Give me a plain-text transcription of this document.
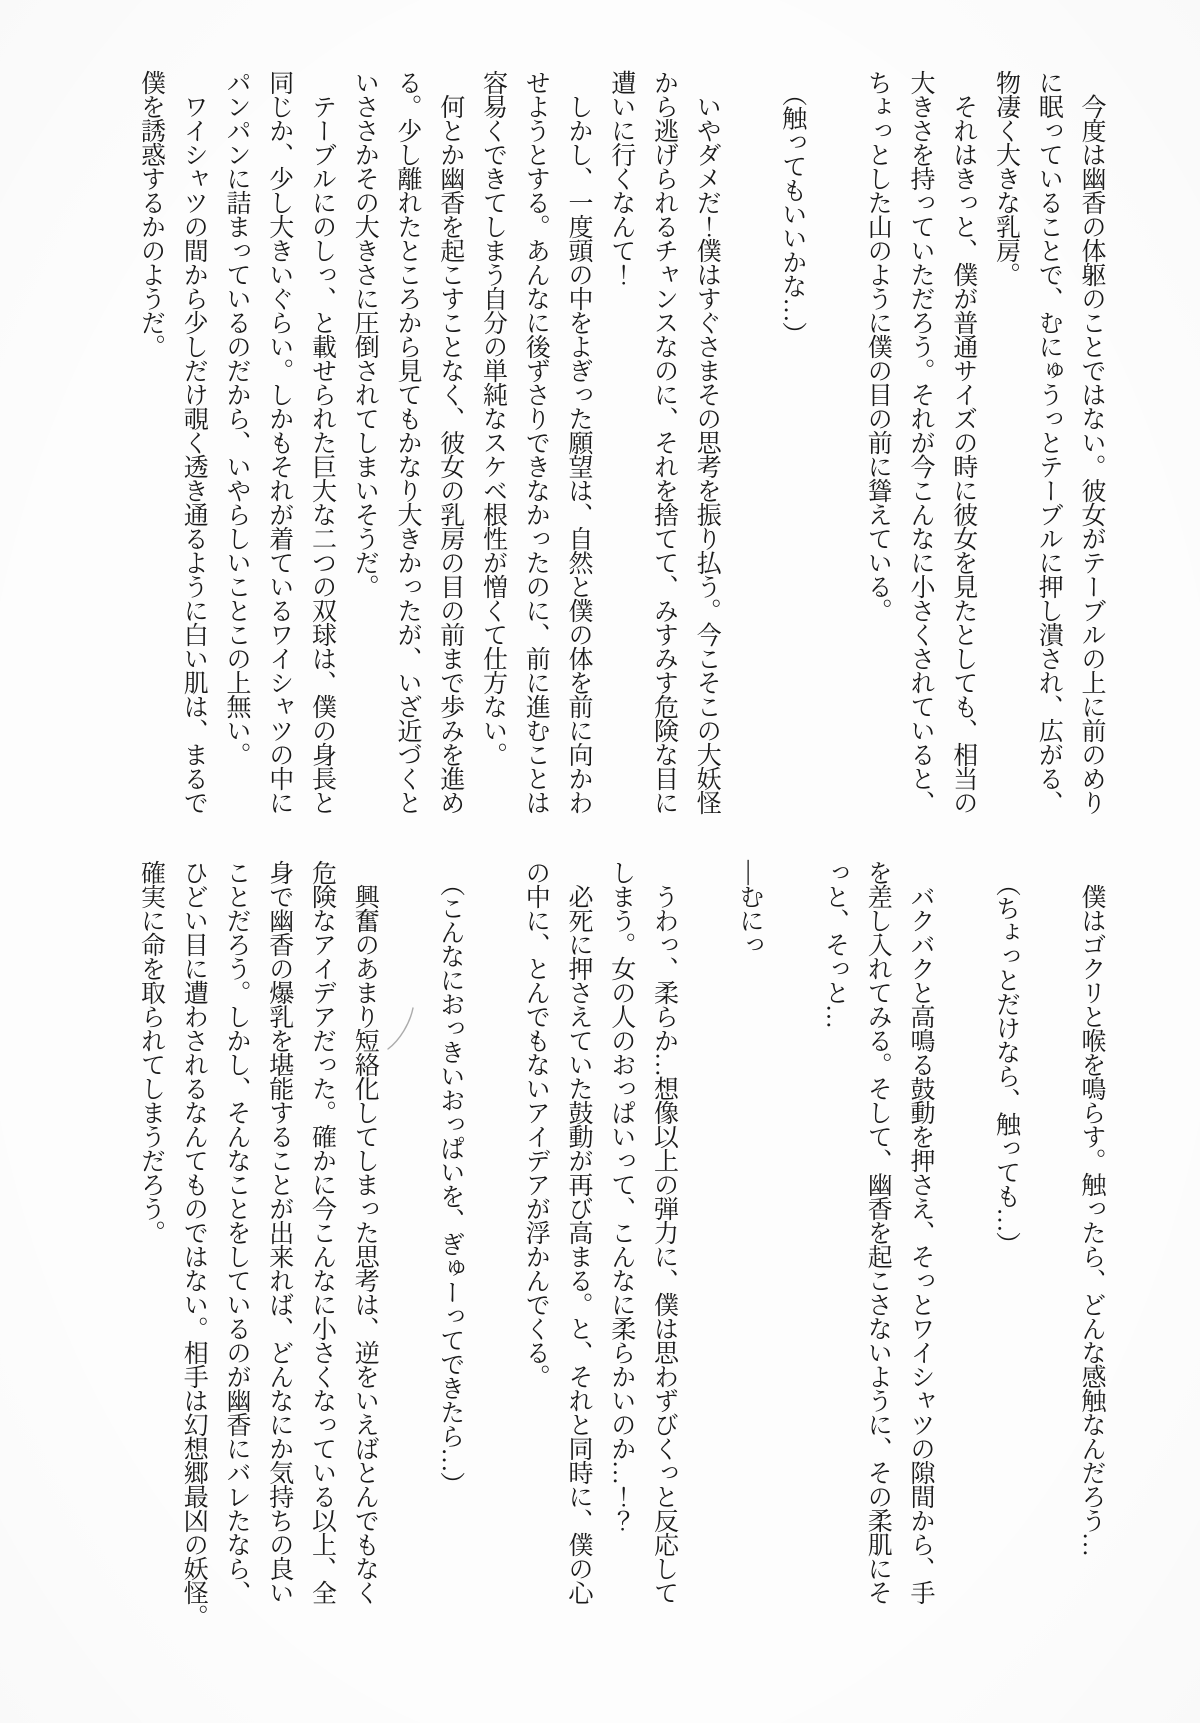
　今度は幽香の体躯のことではない。彼女がテーブルの上に前のめり
に眠っていることで、むにゅうっとテーブルに押し潰され、広がる、
物凄く大きな乳房。
　それはきっと、僕が普通サイズの時に彼女を見たとしても、相当の
大きさを持っていただろう。それが今こんなに小さくされていると、
ちょっとした山のように僕の目の前に聳えている。
　（触ってもいいかな…）
　いやダメだ！僕はすぐさまその思考を振り払う。今こそこの大妖怪
から逃げられるチャンスなのに、それを捨てて、みすみす危険な目に
遭いに行くなんて！
　しかし、一度頭の中をよぎった願望は、自然と僕の体を前に向かわ
せようとする。あんなに後ずさりできなかったのに、前に進むことは
容易くできてしまう自分の単純なスケベ根性が憎くて仕方ない。
　何とか幽香を起こすことなく、彼女の乳房の目の前まで歩みを進め
る。少し離れたところから見てもかなり大きかったが、いざ近づくと
いささかその大きさに圧倒されてしまいそうだ。
　テーブルにのしっ、と載せられた巨大な二つの双球は、僕の身長と
同じか、少し大きいぐらい。しかもそれが着ているワイシャツの中に
パンパンに詰まっているのだから、いやらしいことこの上無い。
　ワイシャツの間から少しだけ覗く透き通るように白い肌は、まるで
僕を誘惑するかのようだ。
　僕はゴクリと喉を鳴らす。触ったら、どんな感触なんだろう…
　（ちょっとだけなら、触っても…）
　バクバクと高鳴る鼓動を押さえ、そっとワイシャツの隙間から、手
を差し入れてみる。そして、幽香を起こさないように、その柔肌にそ
っと、そっと…
―むにっ
　うわっ、柔らか…想像以上の弾力に、僕は思わずびくっと反応して
しまう。女の人のおっぱいって、こんなに柔らかいのか…！？
　必死に押さえていた鼓動が再び高まる。と、それと同時に、僕の心
の中に、とんでもないアイデアが浮かんでくる。
　（こんなにおっきいおっぱいを、ぎゅーってできたら…）
　興奮のあまり短絡化してしまった思考は、逆をいえばとんでもなく
危険なアイデアだった。確かに今こんなに小さくなっている以上、全
身で幽香の爆乳を堪能することが出来れば、どんなにか気持ちの良い
ことだろう。しかし、そんなことをしているのが幽香にバレたなら、
ひどい目に遭わされるなんてものではない。相手は幻想郷最凶の妖怪。
確実に命を取られてしまうだろう。
